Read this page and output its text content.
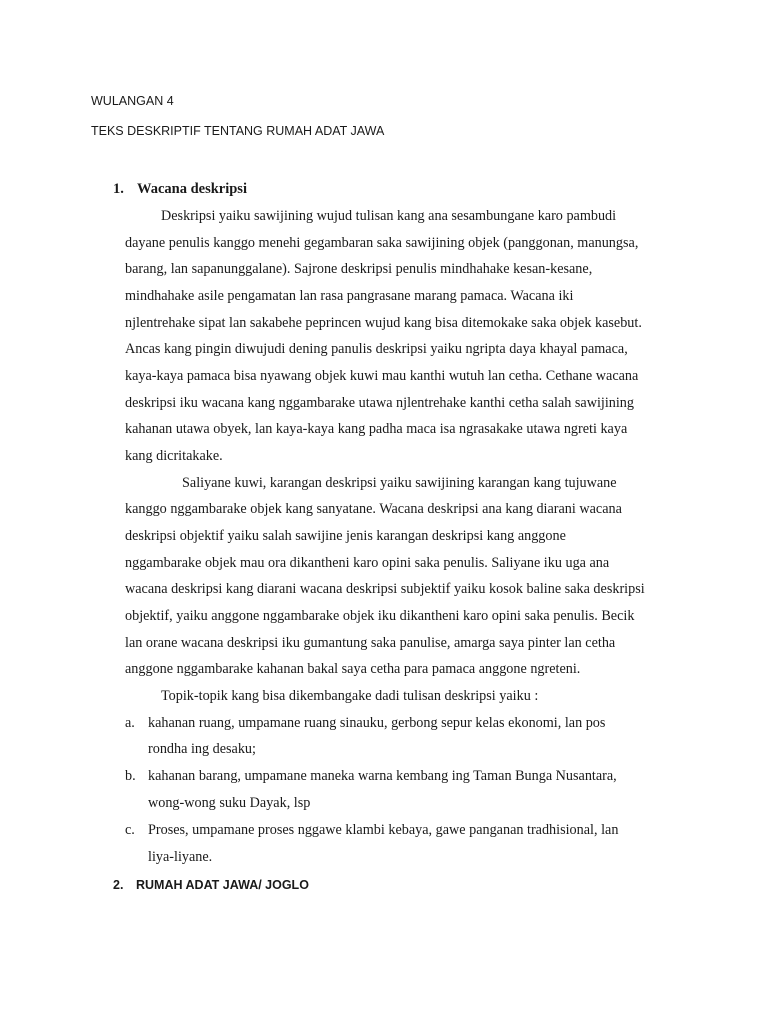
WULANGAN 4
TEKS DESKRIPTIF TENTANG RUMAH ADAT JAWA
1. Wacana deskripsi
Deskripsi yaiku sawijining wujud tulisan kang ana sesambungane karo pambudi
dayane penulis kanggo menehi gegambaran saka sawijining objek (panggonan, manungsa,
barang, lan sapanunggalane). Sajrone deskripsi penulis mindhahake kesan-kesane,
mindhahake asile pengamatan lan rasa pangrasane marang pamaca. Wacana iki
njlentrehake sipat lan sakabehe peprincen wujud kang bisa ditemokake saka objek kasebut.
Ancas kang pingin diwujudi dening panulis deskripsi yaiku ngripta daya khayal pamaca,
kaya-kaya pamaca bisa nyawang objek kuwi mau kanthi wutuh lan cetha. Cethane wacana
deskripsi iku wacana kang nggambarake utawa njlentrehake kanthi cetha salah sawijining
kahanan utawa obyek, lan kaya-kaya kang padha maca isa ngrasakake utawa ngreti kaya
kang dicritakake.
Saliyane kuwi, karangan deskripsi yaiku sawijining karangan kang tujuwane
kanggo nggambarake objek kang sanyatane. Wacana deskripsi ana kang diarani wacana
deskripsi objektif yaiku salah sawijine jenis karangan deskripsi kang anggone
nggambarake objek mau ora dikantheni karo opini saka penulis. Saliyane iku uga ana
wacana deskripsi kang diarani wacana deskripsi subjektif yaiku kosok baline saka deskripsi
objektif, yaiku anggone nggambarake objek iku dikantheni karo opini saka penulis. Becik
lan orane wacana deskripsi iku gumantung saka panulise, amarga saya pinter lan cetha
anggone nggambarake kahanan bakal saya cetha para pamaca anggone ngreteni.
Topik-topik kang bisa dikembangake dadi tulisan deskripsi yaiku :
a. kahanan ruang, umpamane ruang sinauku, gerbong sepur kelas ekonomi, lan pos
rondha ing desaku;
b. kahanan barang, umpamane maneka warna kembang ing Taman Bunga Nusantara,
wong-wong suku Dayak, lsp
c. Proses, umpamane proses nggawe klambi kebaya, gawe panganan tradhisional, lan
liya-liyane.
2. RUMAH ADAT JAWA/ JOGLO
